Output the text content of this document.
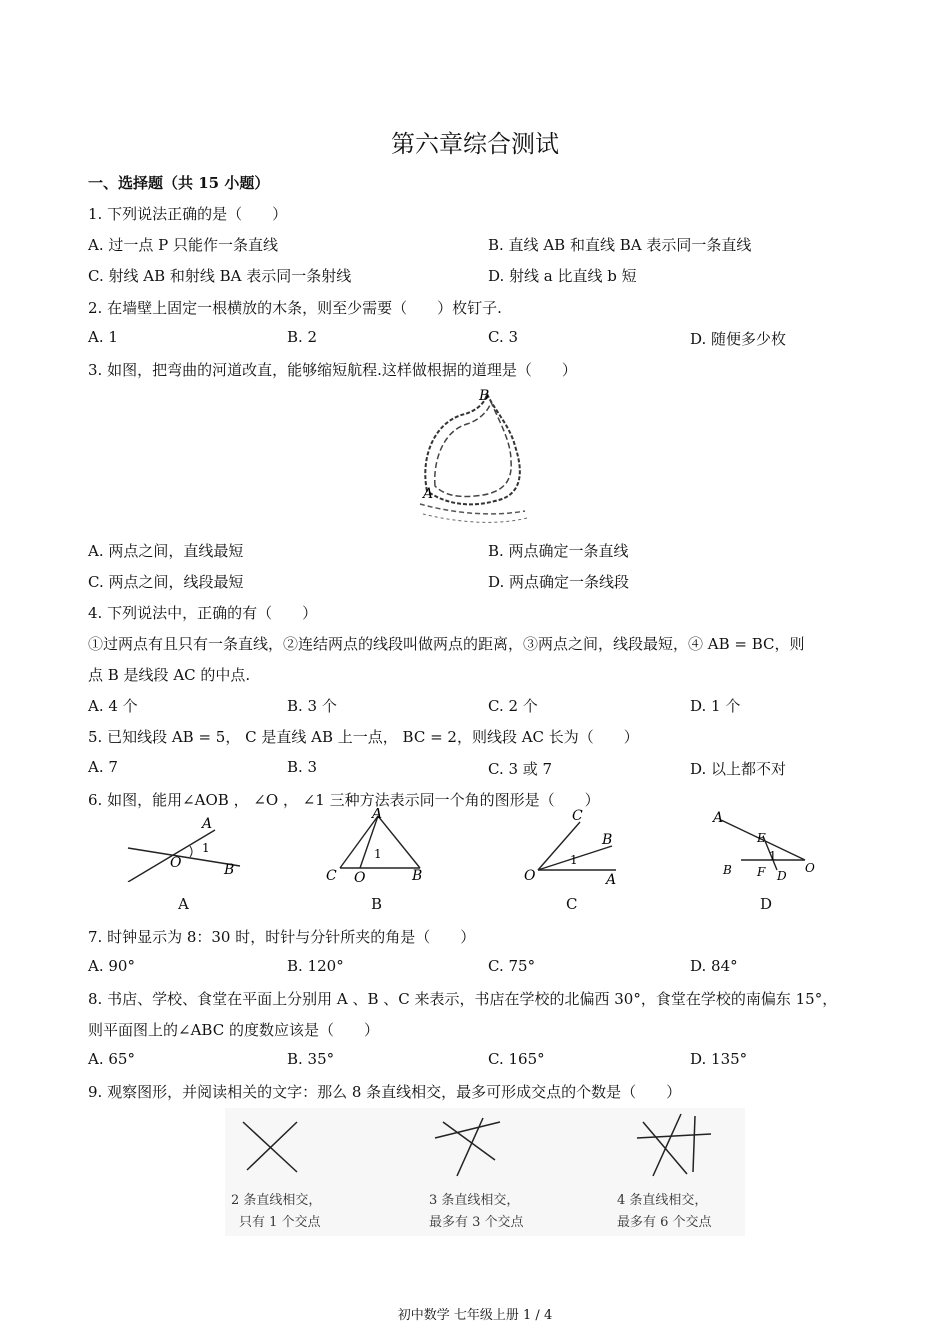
第六章综合测试
一、选择题（共 15 小题）
1. 下列说法正确的是（　　）
A. 过一点 P 只能作一条直线	B. 直线 AB 和直线 BA 表示同一条直线
C. 射线 AB 和射线 BA 表示同一条射线	D. 射线 a 比直线 b 短
2. 在墙壁上固定一根横放的木条，则至少需要（　　）枚钉子.
A. 1	B. 2	C. 3	D. 随便多少枚
3. 如图，把弯曲的河道改直，能够缩短航程.这样做根据的道理是（　　）
B
A
A. 两点之间，直线最短	B. 两点确定一条直线
C. 两点之间，线段最短	D. 两点确定一条线段
4. 下列说法中，正确的有（　　）
①过两点有且只有一条直线，②连结两点的线段叫做两点的距离，③两点之间，线段最短，④ AB = BC，则
点 B 是线段 AC 的中点.
A. 4 个	B. 3 个	C. 2 个	D. 1 个
5. 已知线段 AB = 5， C 是直线 AB 上一点， BC = 2，则线段 AC 长为（　　）
A. 7	B. 3	C. 3 或 7	D. 以上都不对
6. 如图，能用∠AOB ， ∠O ， ∠1 三种方法表示同一个角的图形是（　　）
A
O
1
B
A
C O
1
B
C
B
1
O	A
A
E
1
B F D
O
A	B	C	D
7. 时钟显示为 8：30 时，时针与分针所夹的角是（　　）
A. 90°	B. 120°	C. 75°	D. 84°
8. 书店、学校、食堂在平面上分别用 A 、B 、C 来表示，书店在学校的北偏西 30°，食堂在学校的南偏东 15°，
则平面图上的∠ABC 的度数应该是（　　）
A. 65°	B. 35°	C. 165°	D. 135°
9. 观察图形，并阅读相关的文字：那么 8 条直线相交，最多可形成交点的个数是（　　）
2 条直线相交，
只有 1 个交点
3 条直线相交，
最多有 3 个交点
4 条直线相交，
最多有 6 个交点
初中数学 七年级上册 1 / 4
